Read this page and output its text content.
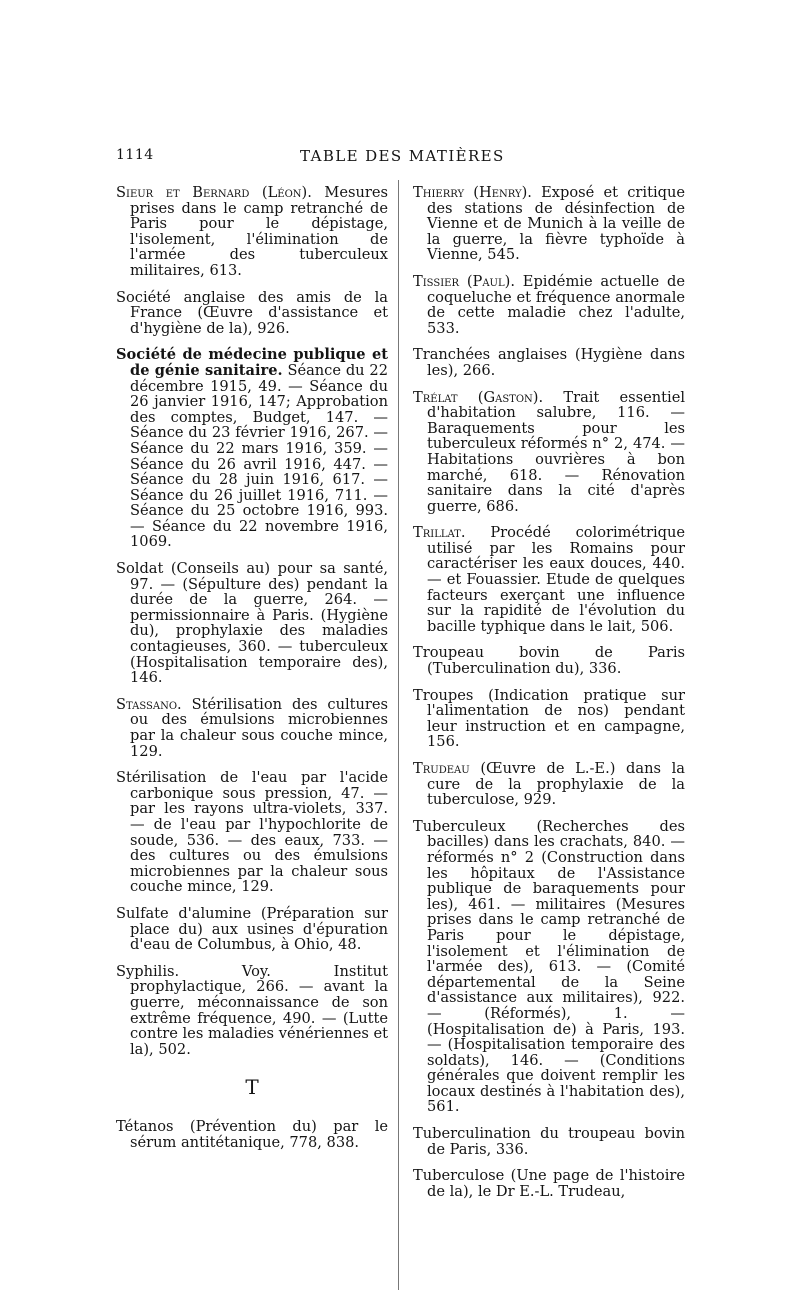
1114	TABLE DES MATIÈRES
Sieur et Bernard (Léon). Mesures prises dans le camp retranché de Paris pour le dépistage, l'isolement, l'élimination de l'armée des tuberculeux militaires, 613.
Société anglaise des amis de la France (Œuvre d'assistance et d'hygiène de la), 926.
Société de médecine publique et de génie sanitaire. Séance du 22 décembre 1915, 49. — Séance du 26 janvier 1916, 147; Approbation des comptes, Budget, 147. — Séance du 23 février 1916, 267. — Séance du 22 mars 1916, 359. — Séance du 26 avril 1916, 447. — Séance du 28 juin 1916, 617. — Séance du 26 juillet 1916, 711. — Séance du 25 octobre 1916, 993. — Séance du 22 novembre 1916, 1069.
Soldat (Conseils au) pour sa santé, 97. — (Sépulture des) pendant la durée de la guerre, 264. — permissionnaire à Paris. (Hygiène du), prophylaxie des maladies contagieuses, 360. — tuberculeux (Hospitalisation temporaire des), 146.
Stassano. Stérilisation des cultures ou des émulsions microbiennes par la chaleur sous couche mince, 129.
Stérilisation de l'eau par l'acide carbonique sous pression, 47. — par les rayons ultra-violets, 337. — de l'eau par l'hypochlorite de soude, 536. — des eaux, 733. — des cultures ou des émulsions microbiennes par la chaleur sous couche mince, 129.
Sulfate d'alumine (Préparation sur place du) aux usines d'épuration d'eau de Columbus, à Ohio, 48.
Syphilis. Voy. Institut prophylactique, 266. — avant la guerre, méconnaissance de son extrême fréquence, 490. — (Lutte contre les maladies vénériennes et la), 502.
T
Tétanos (Prévention du) par le sérum antitétanique, 778, 838.
Thierry (Henry). Exposé et critique des stations de désinfection de Vienne et de Munich à la veille de la guerre, la fièvre typhoïde à Vienne, 545.
Tissier (Paul). Epidémie actuelle de coqueluche et fréquence anormale de cette maladie chez l'adulte, 533.
Tranchées anglaises (Hygiène dans les), 266.
Trélat (Gaston). Trait essentiel d'habitation salubre, 116. — Baraquements pour les tuberculeux réformés n° 2, 474. — Habitations ouvrières à bon marché, 618. — Rénovation sanitaire dans la cité d'après guerre, 686.
Trillat. Procédé colorimétrique utilisé par les Romains pour caractériser les eaux douces, 440. — et Fouassier. Etude de quelques facteurs exerçant une influence sur la rapidité de l'évolution du bacille typhique dans le lait, 506.
Troupeau bovin de Paris (Tuberculination du), 336.
Troupes (Indication pratique sur l'alimentation de nos) pendant leur instruction et en campagne, 156.
Trudeau (Œuvre de L.-E.) dans la cure de la prophylaxie de la tuberculose, 929.
Tuberculeux (Recherches des bacilles) dans les crachats, 840. — réformés n° 2 (Construction dans les hôpitaux de l'Assistance publique de baraquements pour les), 461. — militaires (Mesures prises dans le camp retranché de Paris pour le dépistage, l'isolement et l'élimination de l'armée des), 613. — (Comité départemental de la Seine d'assistance aux militaires), 922. — (Réformés), 1. — (Hospitalisation de) à Paris, 193. — (Hospitalisation temporaire des soldats), 146. — (Conditions générales que doivent remplir les locaux destinés à l'habitation des), 561.
Tuberculination du troupeau bovin de Paris, 336.
Tuberculose (Une page de l'histoire de la), le Dr E.-L. Trudeau,
